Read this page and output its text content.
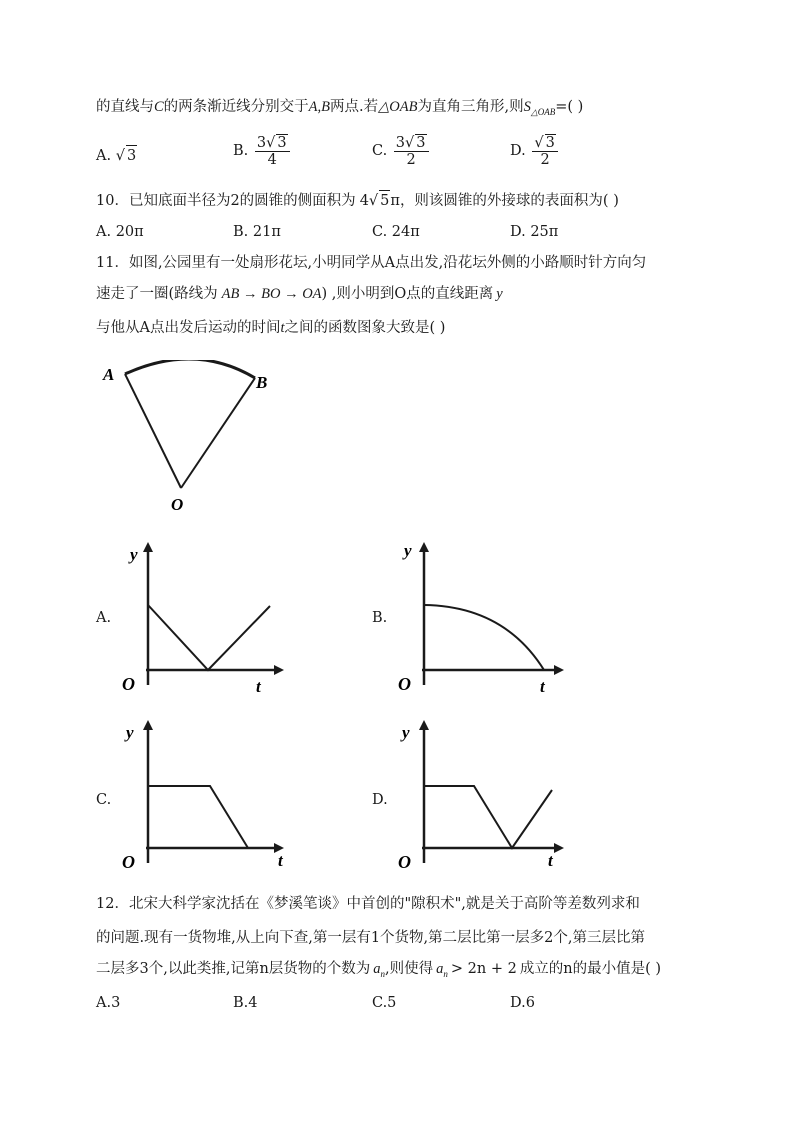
的直线与C的两条渐近线分别交于A,B两点.若△OAB为直角三角形,则$S_{\triangle OAB}=$( )
A. √ 3	B. $\frac{3√ 3}{4}$	C. $\frac{3√ 3}{2}$	D. $\frac{√ 3}{2}$
10．已知底面半径为2的圆锥的侧面积为 4√ 5π，则该圆锥的外接球的表面积为( )
A. 20π	B. 21π	C. 24π	D. 25π
11．如图,公园里有一处扇形花坛,小明同学从A点出发,沿花坛外侧的小路顺时针方向匀
速走了一圈(路线为 AB → BO → OA) ,则小明到O点的直线距离 y
与他从A点出发后运动的时间t之间的函数图象大致是( )
A	B
O
A.	B.
C.	D.
y
O	t
y
O	t
y
O	t
y
O	t
12．北宋大科学家沈括在《梦溪笔谈》中首创的"隙积术",就是关于高阶等差数列求和
的问题.现有一货物堆,从上向下查,第一层有1个货物,第二层比第一层多2个,第三层比第
二层多3个,以此类推,记第n层货物的个数为 $a_n$,则使得 $a_n > 2n + 2$ 成立的n的最小值是( )
A.3	B.4	C.5	D.6
